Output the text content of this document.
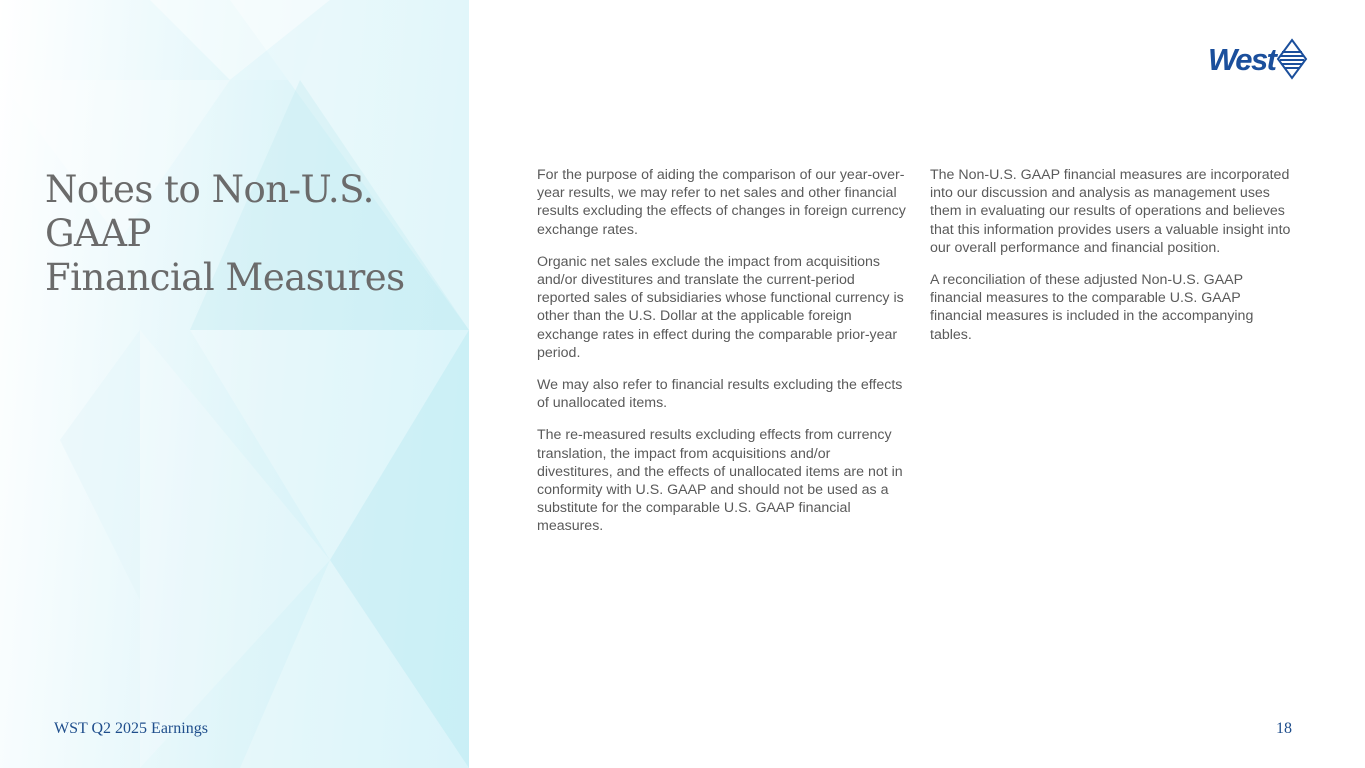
Notes to Non-U.S. GAAP
Financial Measures
West

For the purpose of aiding the comparison of our year-over-year results, we may refer to net sales and other financial results excluding the effects of changes in foreign currency exchange rates.

Organic net sales exclude the impact from acquisitions and/or divestitures and translate the current-period reported sales of subsidiaries whose functional currency is other than the U.S. Dollar at the applicable foreign exchange rates in effect during the comparable prior-year period.

We may also refer to financial results excluding the effects of unallocated items.

The re-measured results excluding effects from currency translation, the impact from acquisitions and/or divestitures, and the effects of unallocated items are not in conformity with U.S. GAAP and should not be used as a substitute for the comparable U.S. GAAP financial measures.

The Non-U.S. GAAP financial measures are incorporated into our discussion and analysis as management uses them in evaluating our results of operations and believes that this information provides users a valuable insight into our overall performance and financial position.

A reconciliation of these adjusted Non-U.S. GAAP financial measures to the comparable U.S. GAAP financial measures is included in the accompanying tables.

WST Q2 2025 Earnings	18
